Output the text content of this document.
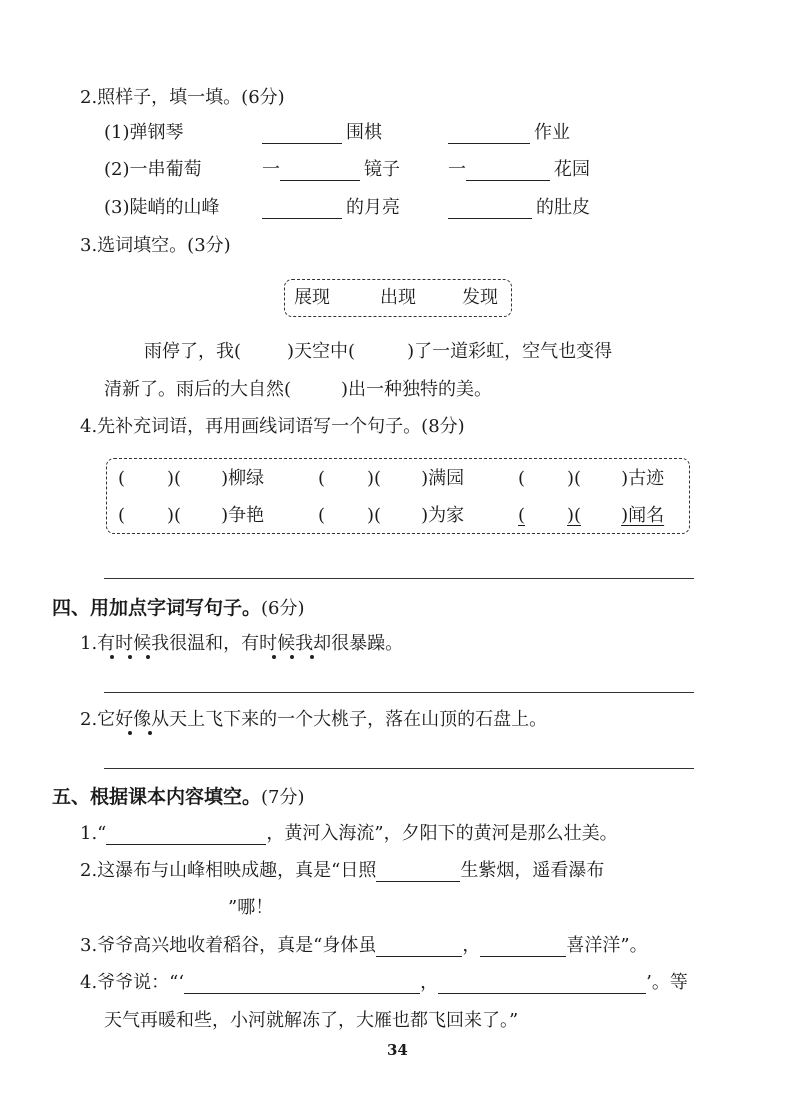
2.照样子，填一填。(6分)
(1)弹钢琴	围棋	作业
(2)一串葡萄	一	镜子	一	花园
(3)陡峭的山峰	的月亮	的肚皮
3.选词填空。(3分)
展现	出现	发现
雨停了，我(	)天空中(	)了一道彩虹，空气也变得
清新了。雨后的大自然(	)出一种独特的美。
4.先补充词语，再用画线词语写一个句子。(8分)
( )( )柳绿	( )( )满园	( )( )古迹
( )( )争艳	( )( )为家	( )( )闻名
四、用加点字词写句子。(6分)
1.有时候我很温和，有时候我却很暴躁。
2.它好像从天上飞下来的一个大桃子，落在山顶的石盘上。
五、根据课本内容填空。(7分)
1.“	，黄河入海流”，夕阳下的黄河是那么壮美。
2.这瀑布与山峰相映成趣，真是“日照	生紫烟，遥看瀑布
”哪！
3.爷爷高兴地收着稻谷，真是“身体虽	，	喜洋洋”。
4.爷爷说：“‘	，	’。等
天气再暖和些，小河就解冻了，大雁也都飞回来了。”
34
